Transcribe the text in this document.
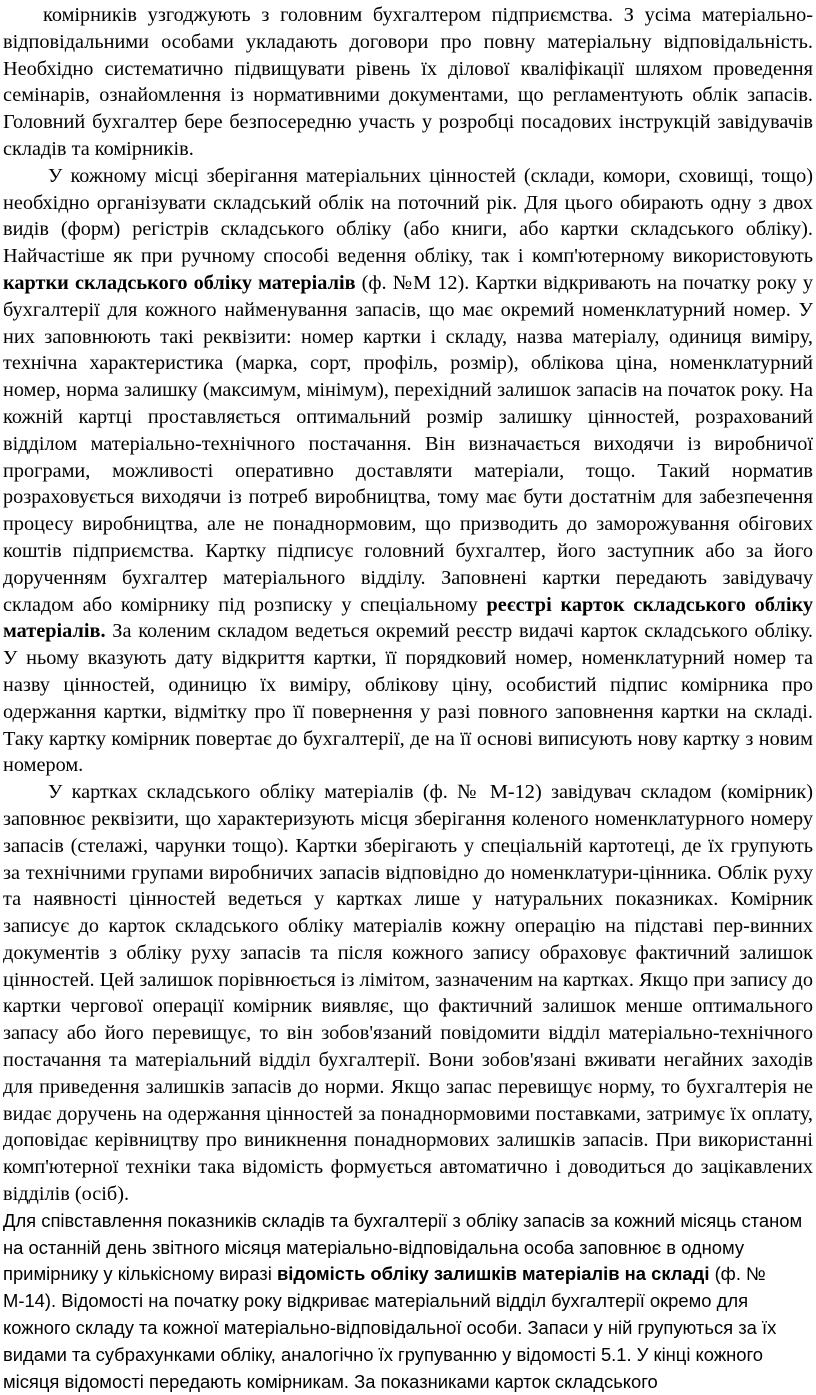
комірників узгоджують з головним бухгалтером підприємства. З усіма матеріально-відповідальними особами укладають договори про повну матеріальну відповідальність. Необхідно систематично підвищувати рівень їх ділової кваліфікації шляхом проведення семінарів, ознайомлення із нормативними документами, що регламентують облік запасів. Головний бухгалтер бере безпосередню участь у розробці посадових інструкцій завідувачів складів та комірників.

У кожному місці зберігання матеріальних цінностей (склади, комори, сховищі, тощо) необхідно організувати складський облік на поточний рік. Для цього обирають одну з двох видів (форм) регістрів складського обліку (або книги, або картки складського обліку). Найчастіше як при ручному способі ведення обліку, так і комп'ютерному використовують картки складського обліку матеріалів (ф. №М 12). Картки відкривають на початку року у бухгалтерії для кожного найменування запасів, що має окремий номенклатурний номер. У них заповнюють такі реквізити: номер картки і складу, назва матеріалу, одиниця виміру, технічна характеристика (марка, сорт, профіль, розмір), облікова ціна, номенклатурний номер, норма залишку (максимум, мінімум), перехідний залишок запасів на початок року. На кожній картці проставляється оптимальний розмір залишку цінностей, розрахований відділом матеріально-технічного постачання. Він визначається виходячи із виробничої програми, можливості оперативно доставляти матеріали, тощо. Такий норматив розраховується виходячи із потреб виробництва, тому має бути достатнім для забезпечення процесу виробництва, але не понаднормовим, що призводить до заморожування обігових коштів підприємства. Картку підписує головний бухгалтер, його заступник або за його дорученням бухгалтер матеріального відділу. Заповнені картки передають завідувачу складом або комірнику під розписку у спеціальному реєстрі карток складського обліку матеріалів. За коленим складом ведеться окремий реєстр видачі карток складського обліку. У ньому вказують дату відкриття картки, її порядковий номер, номенклатурний номер та назву цінностей, одиницю їх виміру, облікову ціну, особистий підпис комірника про одержання картки, відмітку про її повернення у разі повного заповнення картки на складі. Таку картку комірник повертає до бухгалтерії, де на її основі виписують нову картку з новим номером.

У картках складського обліку матеріалів (ф. № М-12) завідувач складом (комірник) заповнює реквізити, що характеризують місця зберігання коленого номенклатурного номеру запасів (стелажі, чарунки тощо). Картки зберігають у спеціальній картотеці, де їх групують за технічними групами виробничих запасів відповідно до номенклатури-цінника. Облік руху та наявності цінностей ведеться у картках лише у натуральних показниках. Комірник записує до карток складського обліку матеріалів кожну операцію на підставі пер-винних документів з обліку руху запасів та після кожного запису обраховує фактичний залишок цінностей. Цей залишок порівнюється із лімітом, зазначеним на картках. Якщо при запису до картки чергової операції комірник виявляє, що фактичний залишок менше оптимального запасу або його перевищує, то він зобов'язаний повідомити відділ матеріально-технічного постачання та матеріальний відділ бухгалтерії. Вони зобов'язані вживати негайних заходів для приведення залишків запасів до норми. Якщо запас перевищує норму, то бухгалтерія не видає доручень на одержання цінностей за понаднормовими поставками, затримує їх оплату, доповідає керівництву про виникнення понаднормових залишків запасів. При використанні комп'ютерної техніки така відомість формується автоматично і доводиться до зацікавлених відділів (осіб).

Для співставлення показників складів та бухгалтерії з обліку запасів за кожний місяць станом на останній день звітного місяця матеріально-відповідальна особа заповнює в одному примірнику у кількісному виразі відомість обліку залишків матеріалів на складі (ф. № М-14). Відомості на початку року відкриває матеріальний відділ бухгалтерії окремо для кожного складу та кожної матеріально-відповідальної особи. Запаси у ній групуються за їх видами та субрахунками обліку, аналогічно їх групуванню у відомості 5.1. У кінці кожного місяця відомості передають комірникам. За показниками карток складського
